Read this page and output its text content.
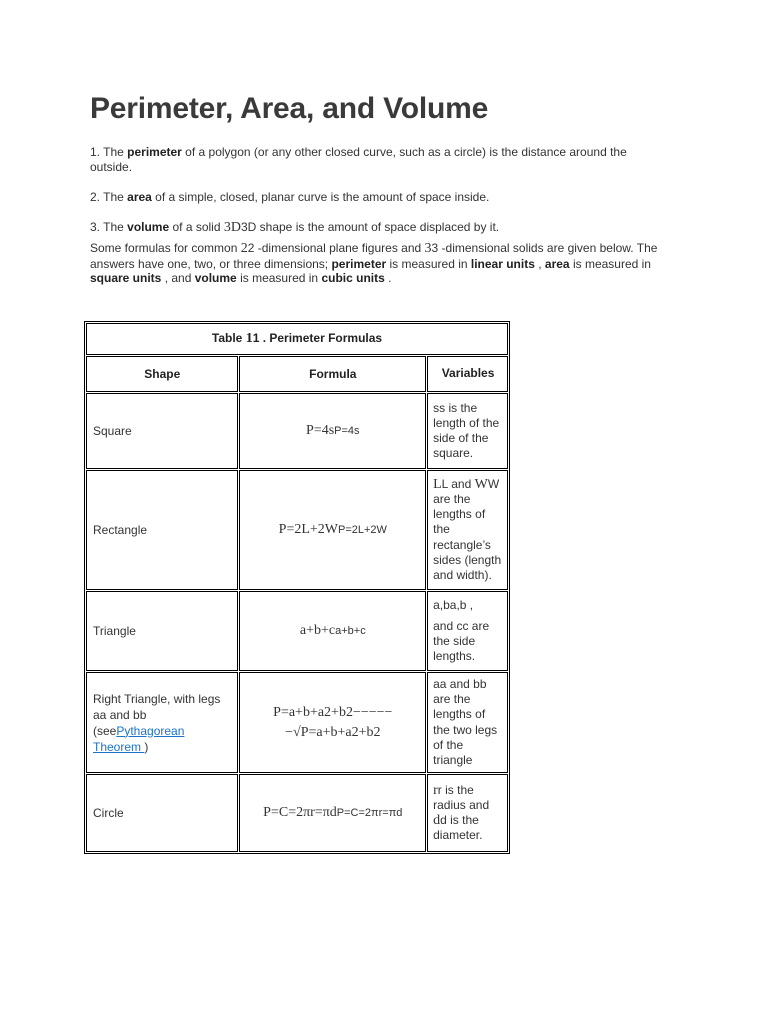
Perimeter, Area, and Volume

1. The perimeter of a polygon (or any other closed curve, such as a circle) is the distance around the outside.

2. The area of a simple, closed, planar curve is the amount of space inside.

3. The volume of a solid 3D3D shape is the amount of space displaced by it.

Some formulas for common 22 -dimensional plane figures and 33 -dimensional solids are given below. The answers have one, two, or three dimensions; perimeter is measured in linear units , area is measured in square units , and volume is measured in cubic units .

Table 11 . Perimeter Formulas		
Shape	Formula	Variables
Square	P=4sP=4s	ss is the length of the side of the square.
Rectangle	P=2L+2WP=2L+2W	LL and WW are the lengths of the rectangle’s sides (length and width).
Triangle	a+b+ca+b+c	a,ba,b ,
and cc are the side lengths.

Right Triangle, with legs aa and bb (seePythagorean Theorem )	P=a+b+a2+b2−−−−−
−√P=a+b+a2+b2	aa and bb are the lengths of the two legs of the triangle
Circle	P=C=2πr=πdP=C=2πr=πd	rr is the radius and dd is the diameter.
